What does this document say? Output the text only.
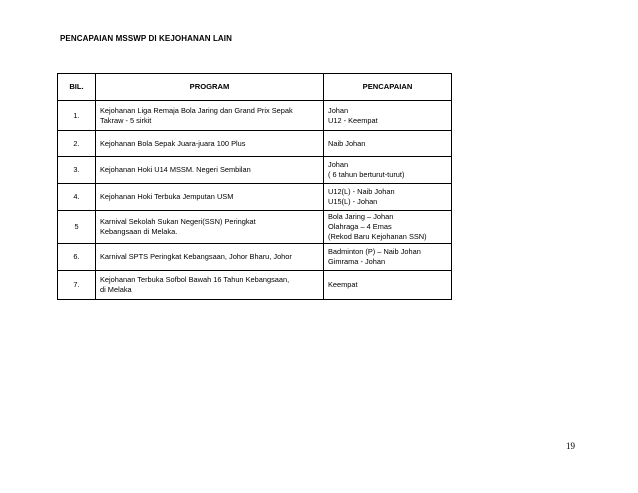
PENCAPAIAN MSSWP DI KEJOHANAN LAIN
BIL.	PROGRAM	PENCAPAIAN
1.	Kejohanan Liga Remaja Bola Jaring dan Grand Prix Sepak
Takraw - 5 sirkit	Johan
U12 - Keempat

2.	Kejohanan Bola Sepak Juara-juara 100 Plus	Naib Johan

3.	Kejohanan Hoki U14 MSSM. Negeri Sembilan	Johan
( 6 tahun berturut-turut)

4.	Kejohanan Hoki Terbuka Jemputan USM	U12(L) - Naib Johan
U15(L) - Johan

5	Karnival Sekolah Sukan Negeri(SSN) Peringkat
Kebangsaan di Melaka.	Bola Jaring – Johan
Olahraga – 4 Emas
(Rekod Baru Kejohanan SSN)

6.	Karnival SPTS Peringkat Kebangsaan, Johor Bharu, Johor	Badminton (P) – Naib Johan
Gimrama - Johan

7.	Kejohanan Terbuka Sofbol Bawah 16 Tahun Kebangsaan,
di Melaka	Keempat
19
